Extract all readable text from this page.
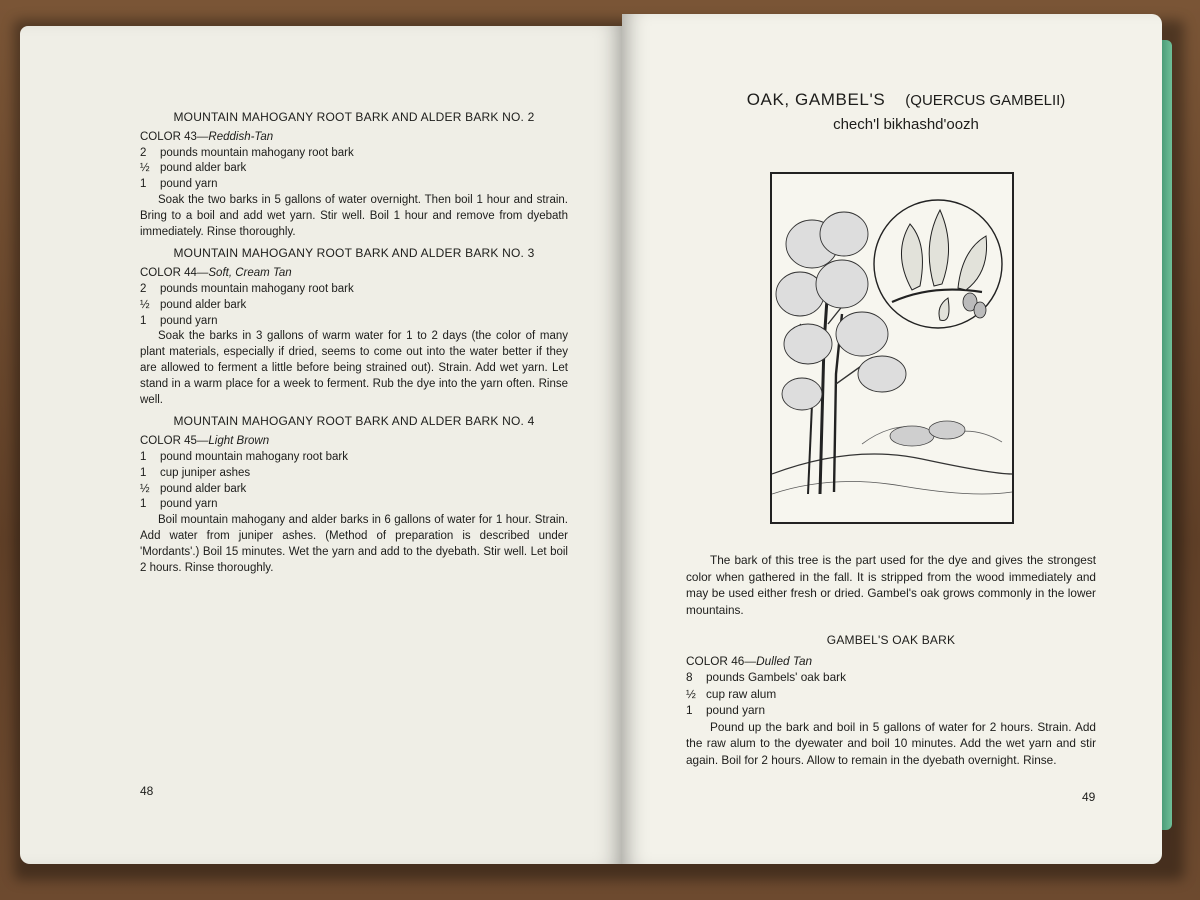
MOUNTAIN MAHOGANY ROOT BARK AND ALDER BARK NO. 2
COLOR 43—Reddish-Tan
2	pounds mountain mahogany root bark
½ pound alder bark
1	pound yarn
Soak the two barks in 5 gallons of water overnight. Then boil 1 hour and strain. Bring to a boil and add wet yarn. Stir well. Boil 1 hour and remove from dyebath immediately. Rinse thoroughly.
MOUNTAIN MAHOGANY ROOT BARK AND ALDER BARK NO. 3
COLOR 44—Soft, Cream Tan
2	pounds mountain mahogany root bark
½ pound alder bark
1	pound yarn
Soak the barks in 3 gallons of warm water for 1 to 2 days (the color of many plant materials, especially if dried, seems to come out into the water better if they are allowed to ferment a little before being strained out). Strain. Add wet yarn. Let stand in a warm place for a week to ferment. Rub the dye into the yarn often. Rinse well.
MOUNTAIN MAHOGANY ROOT BARK AND ALDER BARK NO. 4
COLOR 45—Light Brown
1	pound mountain mahogany root bark
1	cup juniper ashes
½ pound alder bark
1	pound yarn
Boil mountain mahogany and alder barks in 6 gallons of water for 1 hour. Strain. Add water from juniper ashes. (Method of preparation is described under 'Mordants'.) Boil 15 minutes. Wet the yarn and add to the dyebath. Stir well. Let boil 2 hours. Rinse thoroughly.
48
OAK, GAMBEL'S (QUERCUS GAMBELII)
chech'l bikhashd'oozh
The bark of this tree is the part used for the dye and gives the strongest color when gathered in the fall. It is stripped from the wood immediately and may be used either fresh or dried. Gambel's oak grows commonly in the lower mountains.
GAMBEL'S OAK BARK
COLOR 46—Dulled Tan
8	pounds Gambels' oak bark
½ cup raw alum
1	pound yarn
Pound up the bark and boil in 5 gallons of water for 2 hours. Strain. Add the raw alum to the dyewater and boil 10 minutes. Add the wet yarn and stir again. Boil for 2 hours. Allow to remain in the dyebath overnight. Rinse.
49
